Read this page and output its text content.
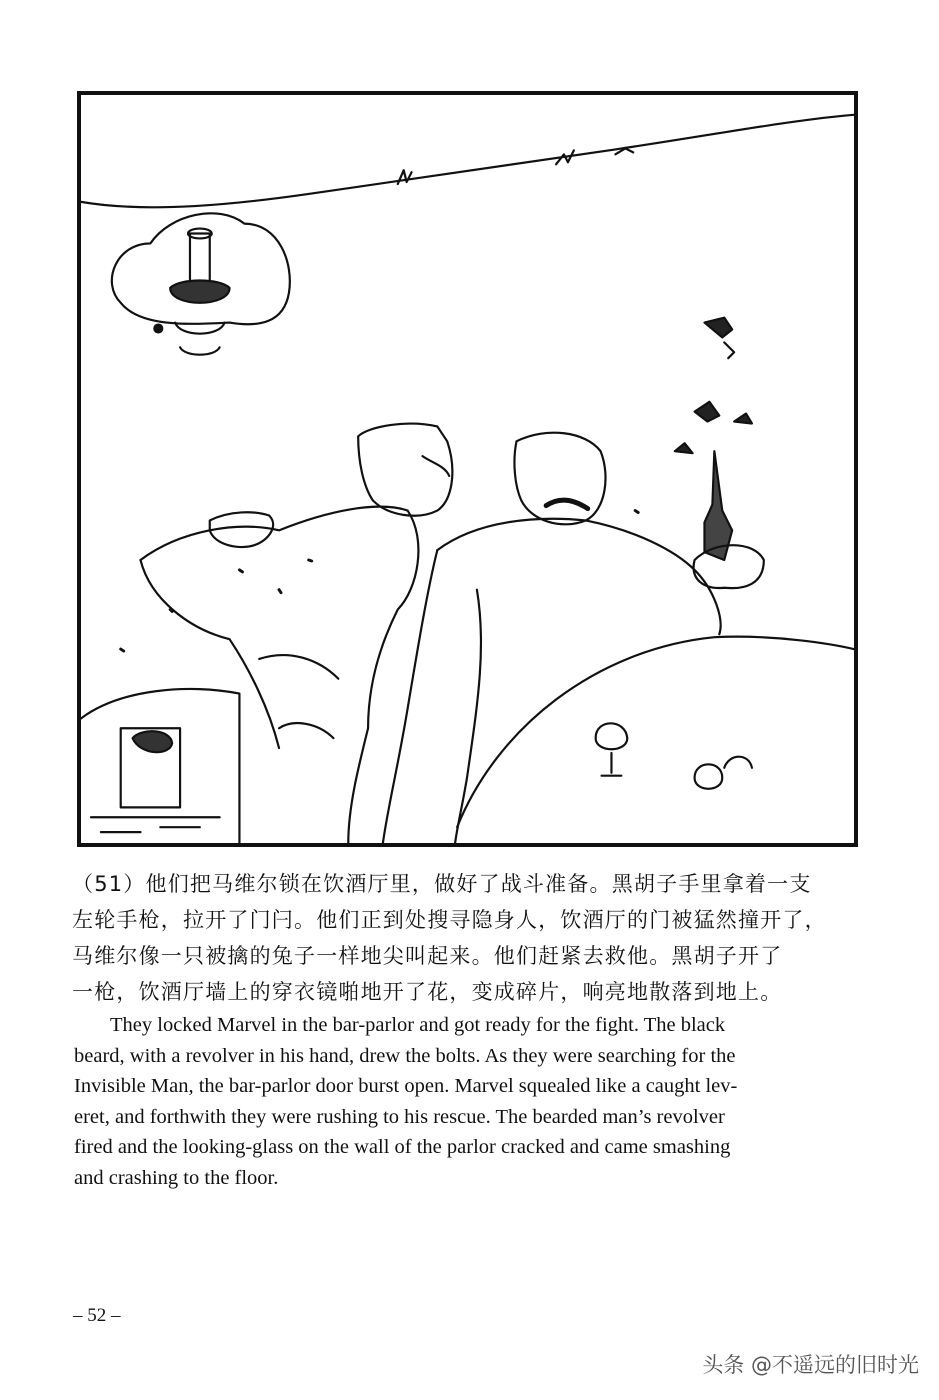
（51）他们把马维尔锁在饮酒厅里，做好了战斗准备。黑胡子手里拿着一支
左轮手枪，拉开了门闩。他们正到处搜寻隐身人，饮酒厅的门被猛然撞开了，
马维尔像一只被擒的兔子一样地尖叫起来。他们赶紧去救他。黑胡子开了
一枪，饮酒厅墙上的穿衣镜啪地开了花，变成碎片，响亮地散落到地上。

They locked Marvel in the bar-parlor and got ready for the fight. The black
beard, with a revolver in his hand, drew the bolts. As they were searching for the
Invisible Man, the bar-parlor door burst open. Marvel squealed like a caught lev-
eret, and forthwith they were rushing to his rescue. The bearded man’s revolver
fired and the looking-glass on the wall of the parlor cracked and came smashing
and crashing to the floor.

– 52 –
头条 @不遥远的旧时光
